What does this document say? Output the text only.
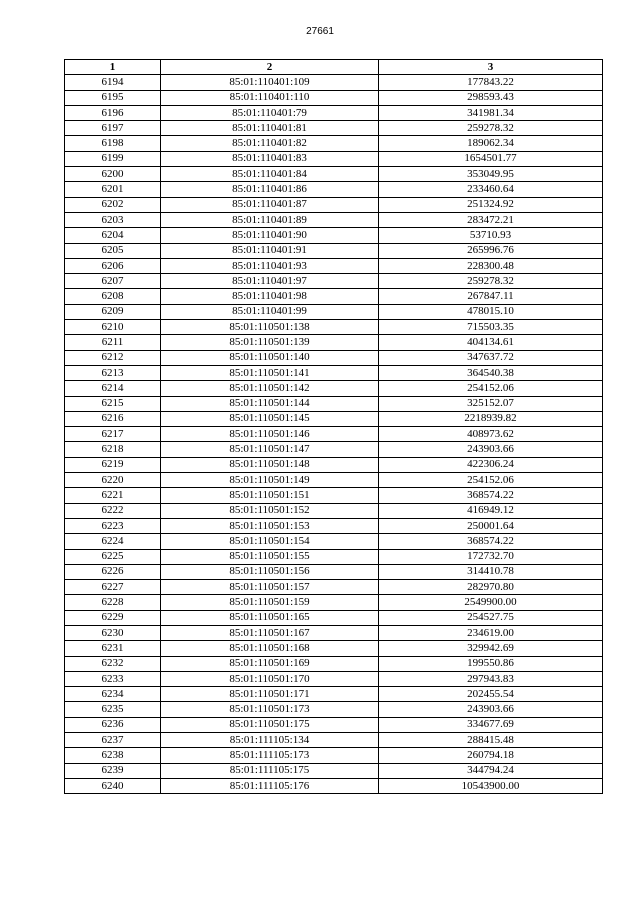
27661
1	2	3
6194	85:01:110401:109	177843.22
6195	85:01:110401:110	298593.43
6196	85:01:110401:79	341981.34
6197	85:01:110401:81	259278.32
6198	85:01:110401:82	189062.34
6199	85:01:110401:83	1654501.77
6200	85:01:110401:84	353049.95
6201	85:01:110401:86	233460.64
6202	85:01:110401:87	251324.92
6203	85:01:110401:89	283472.21
6204	85:01:110401:90	53710.93
6205	85:01:110401:91	265996.76
6206	85:01:110401:93	228300.48
6207	85:01:110401:97	259278.32
6208	85:01:110401:98	267847.11
6209	85:01:110401:99	478015.10
6210	85:01:110501:138	715503.35
6211	85:01:110501:139	404134.61
6212	85:01:110501:140	347637.72
6213	85:01:110501:141	364540.38
6214	85:01:110501:142	254152.06
6215	85:01:110501:144	325152.07
6216	85:01:110501:145	2218939.82
6217	85:01:110501:146	408973.62
6218	85:01:110501:147	243903.66
6219	85:01:110501:148	422306.24
6220	85:01:110501:149	254152.06
6221	85:01:110501:151	368574.22
6222	85:01:110501:152	416949.12
6223	85:01:110501:153	250001.64
6224	85:01:110501:154	368574.22
6225	85:01:110501:155	172732.70
6226	85:01:110501:156	314410.78
6227	85:01:110501:157	282970.80
6228	85:01:110501:159	2549900.00
6229	85:01:110501:165	254527.75
6230	85:01:110501:167	234619.00
6231	85:01:110501:168	329942.69
6232	85:01:110501:169	199550.86
6233	85:01:110501:170	297943.83
6234	85:01:110501:171	202455.54
6235	85:01:110501:173	243903.66
6236	85:01:110501:175	334677.69
6237	85:01:111105:134	288415.48
6238	85:01:111105:173	260794.18
6239	85:01:111105:175	344794.24
6240	85:01:111105:176	10543900.00
